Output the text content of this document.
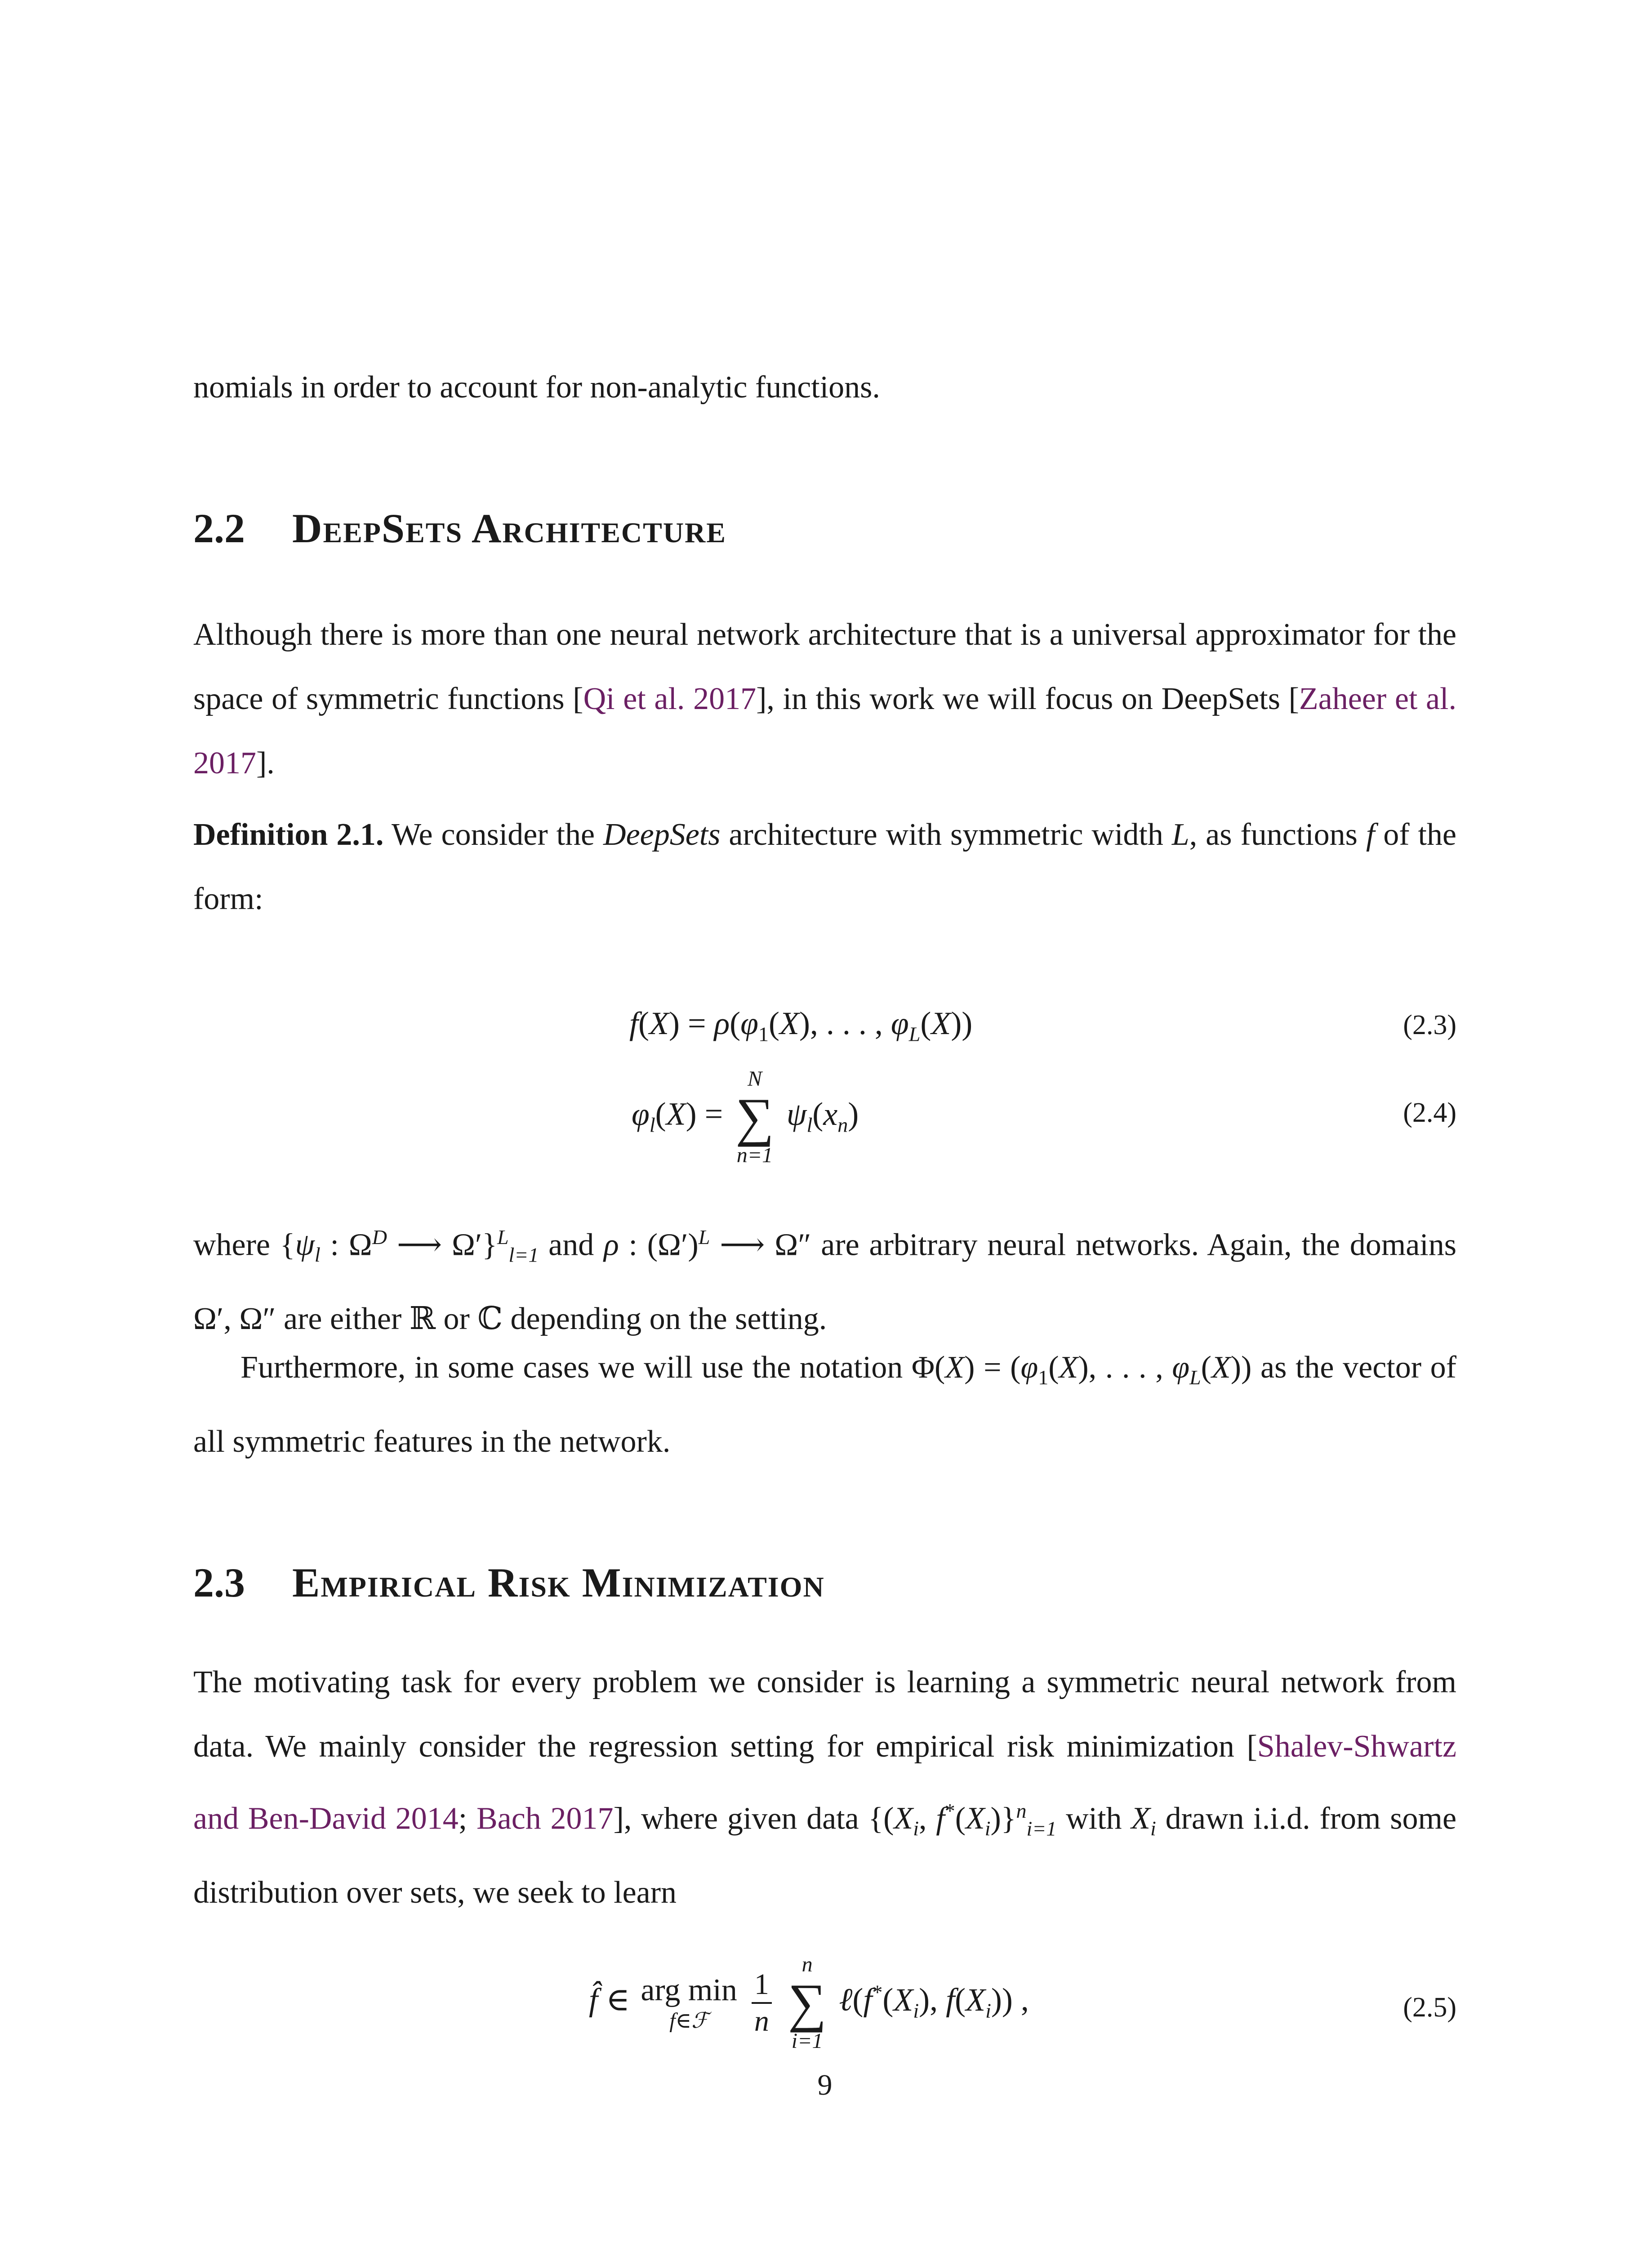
nomials in order to account for non-analytic functions.

2.2 DeepSets Architecture

Although there is more than one neural network architecture that is a universal approximator for the space of symmetric functions [Qi et al. 2017], in this work we will focus on DeepSets [Zaheer et al. 2017].

Definition 2.1. We consider the DeepSets architecture with symmetric width L, as functions f of the form:

$f(X) = \rho(\varphi_1(X)$, . . . , $\varphi_L(X)$)	(2.3)
$\varphi_l(X)$ =
N
∑
n=1
$\psi_l(x_n)$	(2.4)

where {$\psi_l$ : $\Omega^D$ ⟶ Ω′}$^L_{l=1}$ and ρ : $(\Omega')^L$ ⟶ Ω″ are arbitrary neural networks. Again, the domains Ω′, Ω″ are either ℝ or ℂ depending on the setting.

Furthermore, in some cases we will use the notation $\Phi(X) = (\varphi_1(X)$, . . . , $\varphi_L(X)$) as the vector of all symmetric features in the network.

2.3 Empirical Risk Minimization

The motivating task for every problem we consider is learning a symmetric neural network from data. We mainly consider the regression setting for empirical risk minimization [Shalev-Shwartz and Ben-David 2014; Bach 2017], where given data {($X_i$, $f^*(X_i)\}^n_{i=1}$ with $X_i$ drawn i.i.d. from some distribution over sets, we seek to learn

f̂ ∈ arg min
f∈ℱ
	$\frac{1}{n}$

n
∑
i=1
$\ell(f^*(X_i)$, $f(X_i)$) ,	(2.5)
9
